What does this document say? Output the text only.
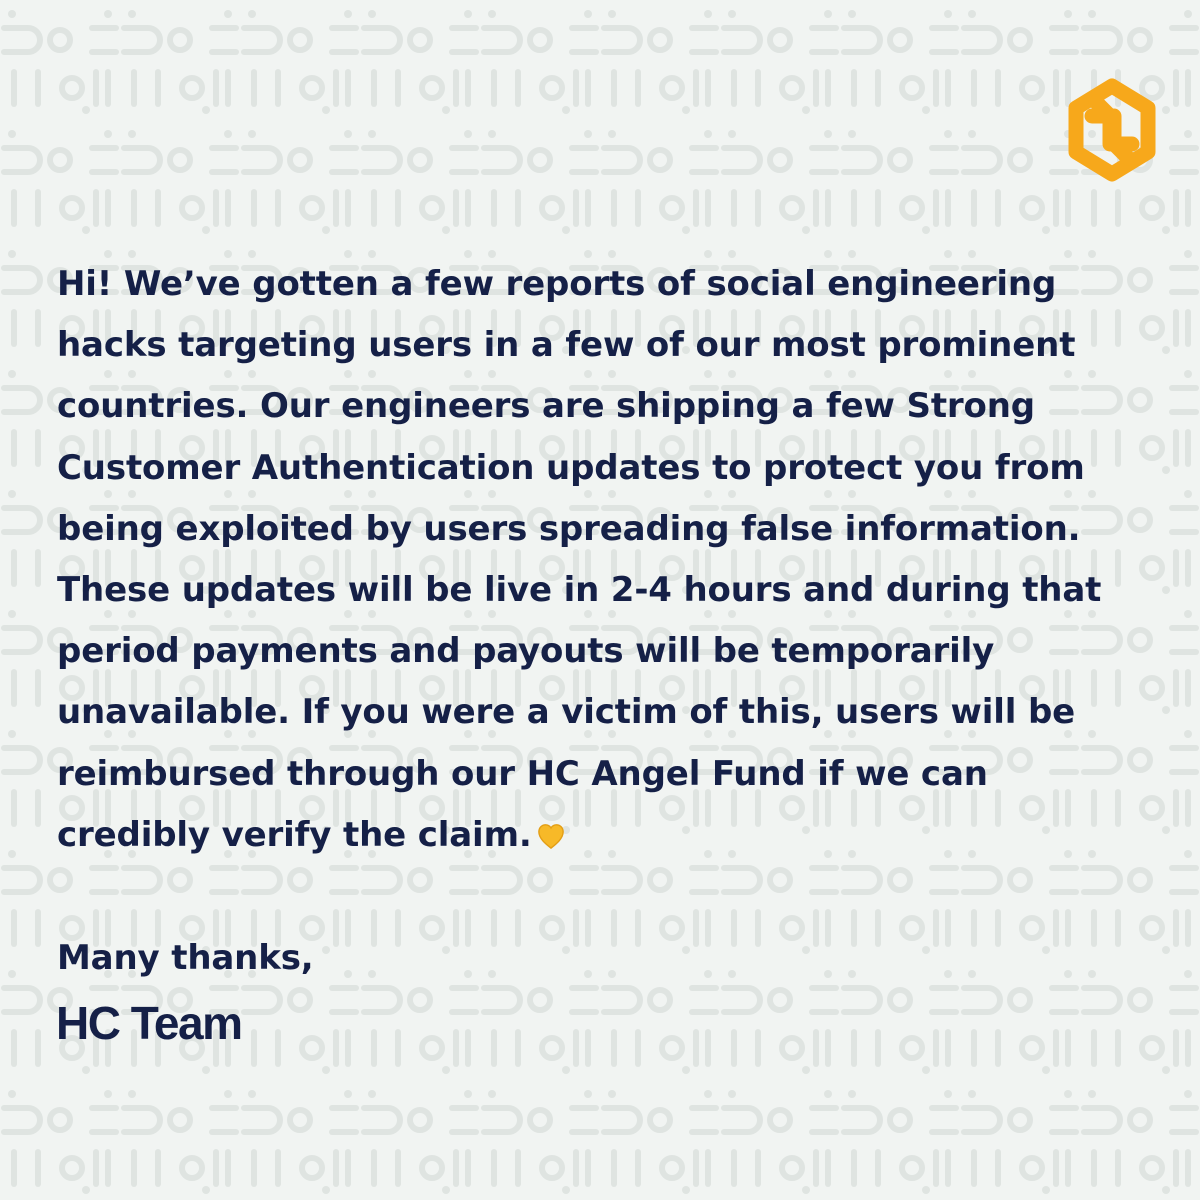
Hi! We’ve gotten a few reports of social engineering hacks targeting users in a few of our most prominent countries. Our engineers are shipping a few Strong Customer Authentication updates to protect you from being exploited by users spreading false information. These updates will be live in 2-4 hours and during that period payments and payouts will be temporarily unavailable. If you were a victim of this, users will be reimbursed through our HC Angel Fund if we can credibly verify the claim.

Many thanks,

HC Team
